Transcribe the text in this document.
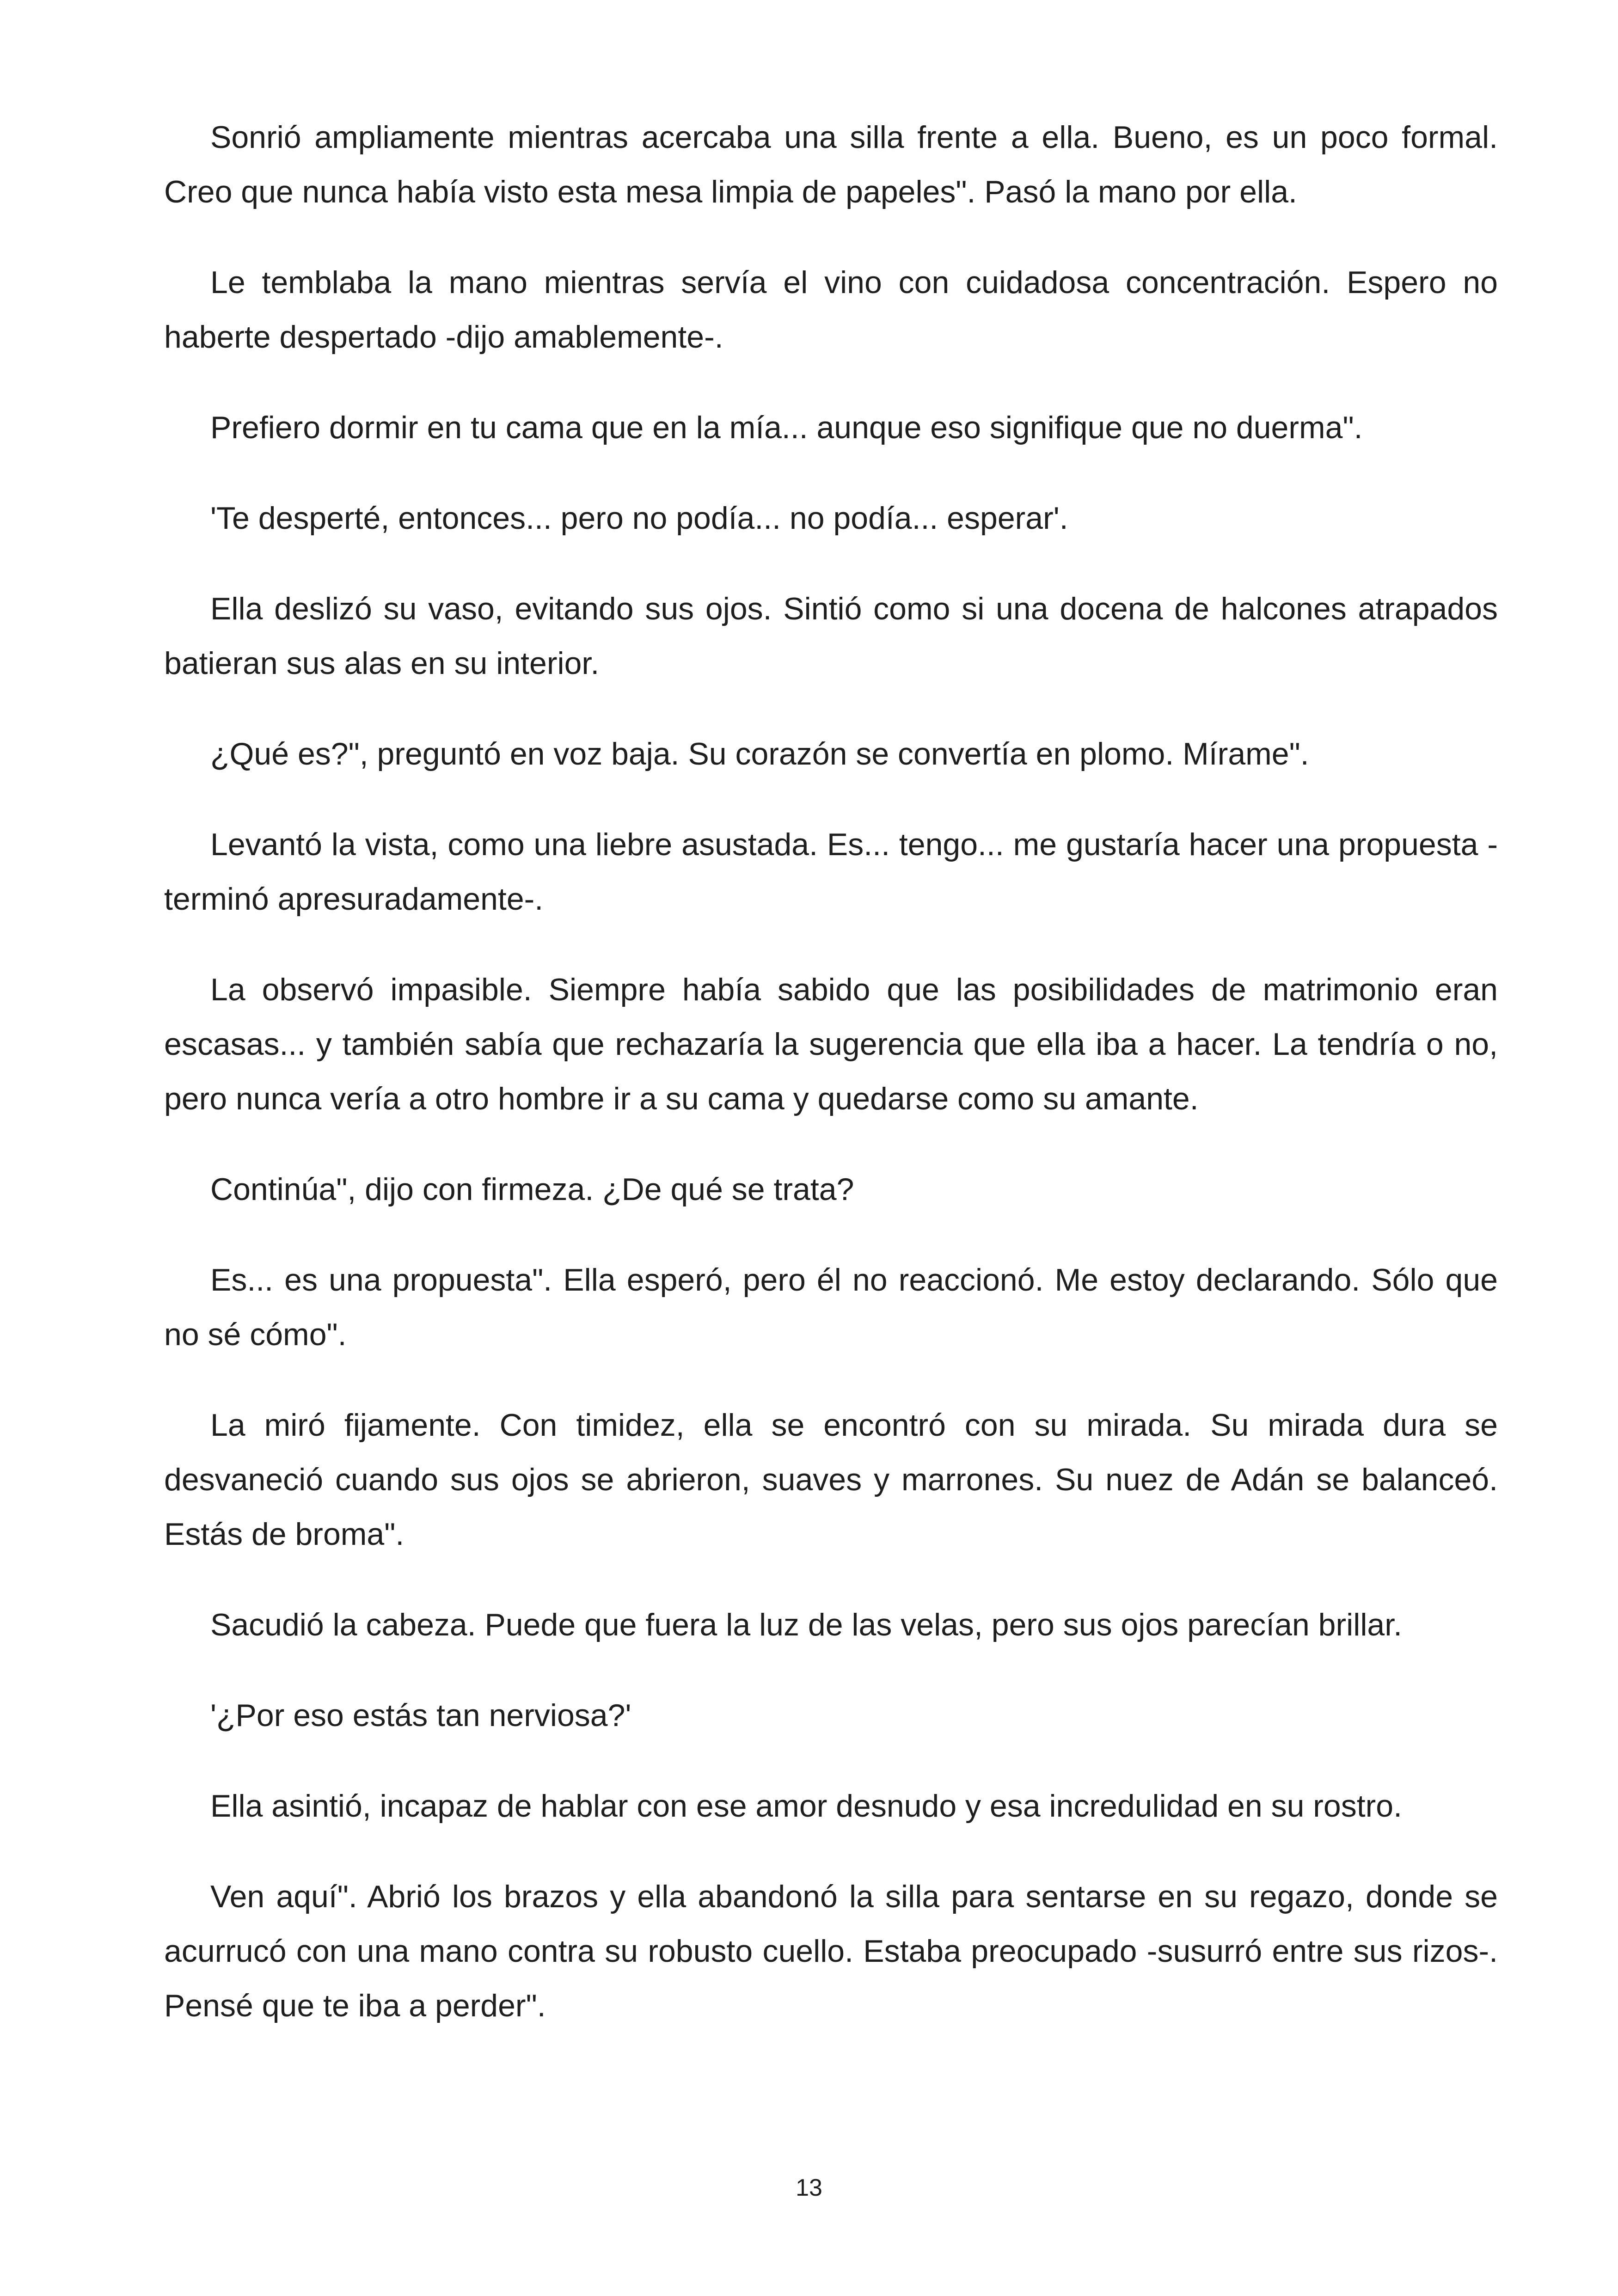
Sonrió ampliamente mientras acercaba una silla frente a ella. Bueno, es un poco formal. Creo que nunca había visto esta mesa limpia de papeles". Pasó la mano por ella.

Le temblaba la mano mientras servía el vino con cuidadosa concentración. Espero no haberte despertado -dijo amablemente-.

Prefiero dormir en tu cama que en la mía... aunque eso signifique que no duerma".

'Te desperté, entonces... pero no podía... no podía... esperar'.

Ella deslizó su vaso, evitando sus ojos. Sintió como si una docena de halcones atrapados batieran sus alas en su interior.

¿Qué es?", preguntó en voz baja. Su corazón se convertía en plomo. Mírame".

Levantó la vista, como una liebre asustada. Es... tengo... me gustaría hacer una propuesta -terminó apresuradamente-.

La observó impasible. Siempre había sabido que las posibilidades de matrimonio eran escasas... y también sabía que rechazaría la sugerencia que ella iba a hacer. La tendría o no, pero nunca vería a otro hombre ir a su cama y quedarse como su amante.

Continúa", dijo con firmeza. ¿De qué se trata?

Es... es una propuesta". Ella esperó, pero él no reaccionó. Me estoy declarando. Sólo que no sé cómo".

La miró fijamente. Con timidez, ella se encontró con su mirada. Su mirada dura se desvaneció cuando sus ojos se abrieron, suaves y marrones. Su nuez de Adán se balanceó. Estás de broma".

Sacudió la cabeza. Puede que fuera la luz de las velas, pero sus ojos parecían brillar.

'¿Por eso estás tan nerviosa?'

Ella asintió, incapaz de hablar con ese amor desnudo y esa incredulidad en su rostro.

Ven aquí". Abrió los brazos y ella abandonó la silla para sentarse en su regazo, donde se acurrucó con una mano contra su robusto cuello. Estaba preocupado -susurró entre sus rizos-. Pensé que te iba a perder".

13
